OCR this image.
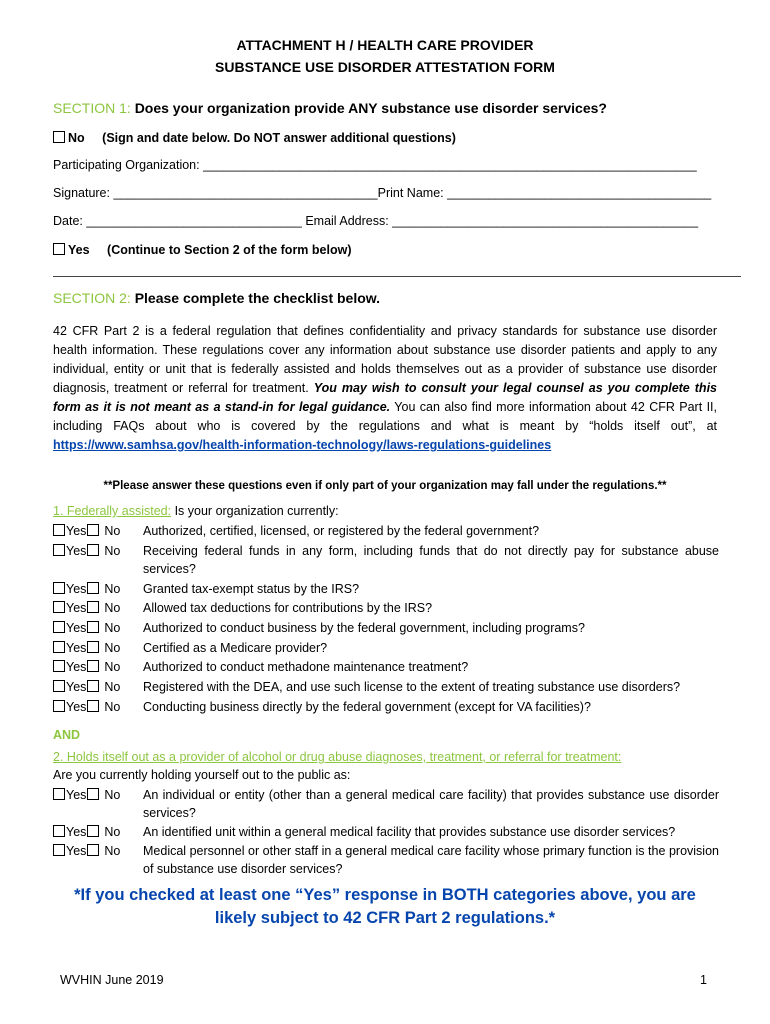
ATTACHMENT H / HEALTH CARE PROVIDER
SUBSTANCE USE DISORDER ATTESTATION FORM
SECTION 1: Does your organization provide ANY substance use disorder services?
No (Sign and date below. Do NOT answer additional questions)
Participating Organization: _______________________________________________________________________
Signature: ______________________________________Print Name: ______________________________________
Date: _______________________________ Email Address: ____________________________________________
Yes (Continue to Section 2 of the form below)
SECTION 2: Please complete the checklist below.
42 CFR Part 2 is a federal regulation that defines confidentiality and privacy standards for substance use disorder health information. These regulations cover any information about substance use disorder patients and apply to any individual, entity or unit that is federally assisted and holds themselves out as a provider of substance use disorder diagnosis, treatment or referral for treatment. You may wish to consult your legal counsel as you complete this form as it is not meant as a stand-in for legal guidance. You can also find more information about 42 CFR Part II, including FAQs about who is covered by the regulations and what is meant by “holds itself out”, at https://www.samhsa.gov/health-information-technology/laws-regulations-guidelines
**Please answer these questions even if only part of your organization may fall under the regulations.**
1. Federally assisted: Is your organization currently:
Yes No Authorized, certified, licensed, or registered by the federal government?
Yes No Receiving federal funds in any form, including funds that do not directly pay for substance abuse services?
Yes No Granted tax-exempt status by the IRS?
Yes No Allowed tax deductions for contributions by the IRS?
Yes No Authorized to conduct business by the federal government, including programs?
Yes No Certified as a Medicare provider?
Yes No Authorized to conduct methadone maintenance treatment?
Yes No Registered with the DEA, and use such license to the extent of treating substance use disorders?
Yes No Conducting business directly by the federal government (except for VA facilities)?
AND
2. Holds itself out as a provider of alcohol or drug abuse diagnoses, treatment, or referral for treatment:
Are you currently holding yourself out to the public as:
Yes No An individual or entity (other than a general medical care facility) that provides substance use disorder services?
Yes No An identified unit within a general medical facility that provides substance use disorder services?
Yes No Medical personnel or other staff in a general medical care facility whose primary function is the provision of substance use disorder services?
*If you checked at least one “Yes” response in BOTH categories above, you are likely subject to 42 CFR Part 2 regulations.*
WVHIN June 2019	1
